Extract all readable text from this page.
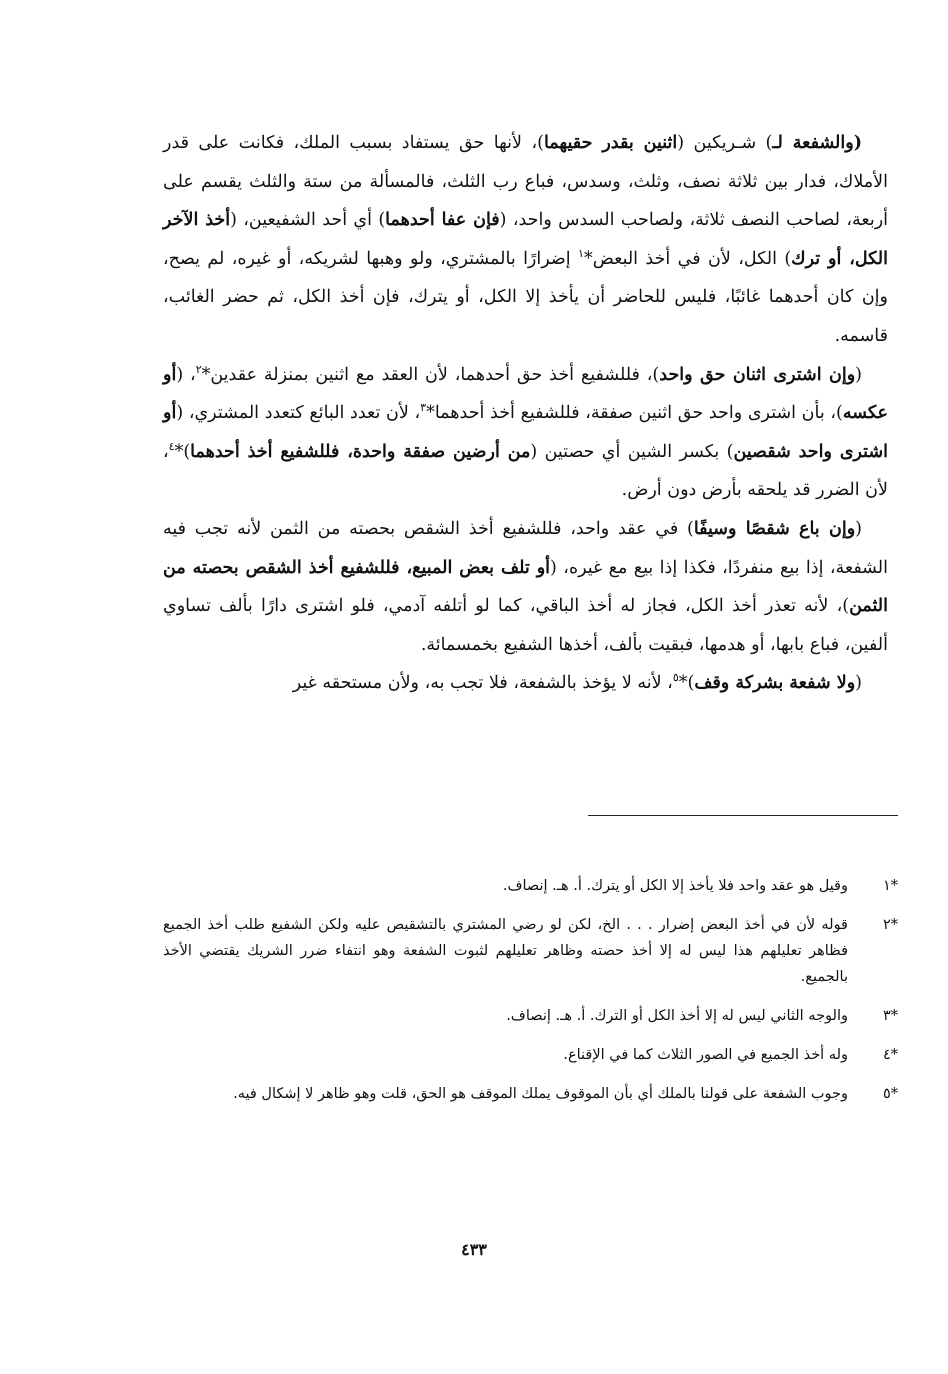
(والشفعة لـ) شـريكين (اثنين بقدر حقيهما)، لأنها حق يستفاد بسبب الملك، فكانت على قدر الأملاك، فدار بين ثلاثة نصف، وثلث، وسدس، فباع رب الثلث، فالمسألة من ستة والثلث يقسم على أربعة، لصاحب النصف ثلاثة، ولصاحب السدس واحد، (فإن عفا أحدهما) أي أحد الشفيعين، (أخذ الآخر الكل، أو ترك) الكل، لأن في أخذ البعض*$^١$ إضرارًا بالمشتري، ولو وهبها لشريكه، أو غيره، لم يصح، وإن كان أحدهما غائبًا، فليس للحاضر أن يأخذ إلا الكل، أو يترك، فإن أخذ الكل، ثم حضر الغائب، قاسمه.

(وإن اشترى اثنان حق واحد)، فللشفيع أخذ حق أحدهما، لأن العقد مع اثنين بمنزلة عقدين*$^٢$، (أو عكسه)، بأن اشترى واحد حق اثنين صفقة، فللشفيع أخذ أحدهما*$^٣$، لأن تعدد البائع كتعدد المشتري، (أو اشترى واحد شقصين) بكسر الشين أي حصتين (من أرضين صفقة واحدة، فللشفيع أخذ أحدهما)*$^٤$، لأن الضرر قد يلحقه بأرض دون أرض.

(وإن باع شقصًا وسيفًا) في عقد واحد، فللشفيع أخذ الشقص بحصته من الثمن لأنه تجب فيه الشفعة، إذا بيع منفردًا، فكذا إذا بيع مع غيره، (أو تلف بعض المبيع، فللشفيع أخذ الشقص بحصته من الثمن)، لأنه تعذر أخذ الكل، فجاز له أخذ الباقي، كما لو أتلفه آدمي، فلو اشترى دارًا بألف تساوي ألفين، فباع بابها، أو هدمها، فبقيت بألف، أخذها الشفيع بخمسمائة.

(ولا شفعة بشركة وقف)*$^٥$، لأنه لا يؤخذ بالشفعة، فلا تجب به، ولأن مستحقه غير

*١
وقيل هو عقد واحد فلا يأخذ إلا الكل أو يترك. أ. هـ. إنصاف.
*٢
قوله لأن في أخذ البعض إضرار . . . الخ، لكن لو رضي المشتري بالتشقيص عليه ولكن الشفيع طلب أخذ الجميع فظاهر تعليلهم هذا ليس له إلا أخذ حصته وظاهر تعليلهم لثبوت الشفعة وهو انتفاء ضرر الشريك يقتضي الأخذ بالجميع.
*٣
والوجه الثاني ليس له إلا أخذ الكل أو الترك. أ. هـ. إنصاف.
*٤
وله أخذ الجميع في الصور الثلاث كما في الإقناع.
*٥
وجوب الشفعة على قولنا بالملك أي بأن الموقوف يملك الموقف هو الحق، قلت وهو ظاهر لا إشكال فيه.
٤٣٣
